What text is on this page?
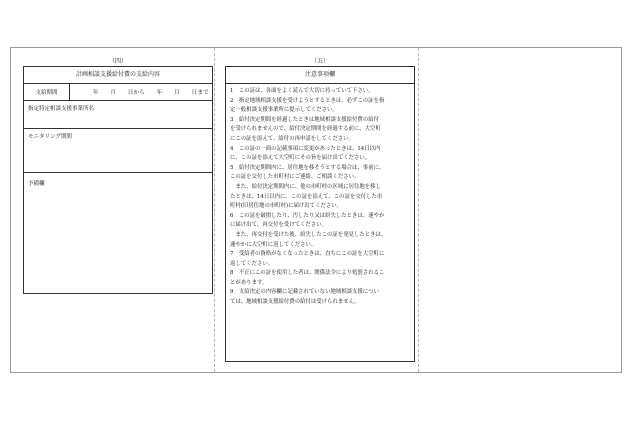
（四）
計画相談支援給付費の支給内容
支給期間	年　　月　　日から　　年　　月　　日まで
指定特定相談支援事業所名
モニタリング期間
予備欄
（五）
注意事項欄
1　この証は、各面をよく読んで大切に持っていて下さい。
2　指定地域相談支援を受けようとするときは、必ずこの証を指
定一般相談支援事業所に提示してください。
3　給付決定期間を経過したときは地域相談支援給付費の給付
を受けられませんので、給付決定期間を経過する前に、大空町
にこの証を添えて、給付の再申請をしてください。
4　この証の一面の記載事項に変更があったときは、14日以内
に、この証を添えて大空町にその旨を届け出てください。
5　給付決定期間内に、居住地を移そうとする場合は、事前に、
この証を交付した市町村にご連絡、ご相談ください。
　また、給付決定期間内に、他の市町村の区域に居住地を移し
たときは、14日以内に、この証を添えて、この証を交付した市
町村(旧居住地の市町村)に届け出てください。
6　この証を破損したり、汚したり又は紛失したときは、速やか
に届け出て、再交付を受けてください。
　また、再交付を受けた後、紛失したこの証を発見したときは、
速やかに大空町に返してください。
7　受給者の資格がなくなったときは、直ちにこの証を大空町に
返してください。
8　不正にこの証を使用した者は、関係法令により処罰されるこ
とがあります。
9　支給決定の内容欄に記載されていない地域相談支援につい
ては、地域相談支援給付費の給付は受けられません。
